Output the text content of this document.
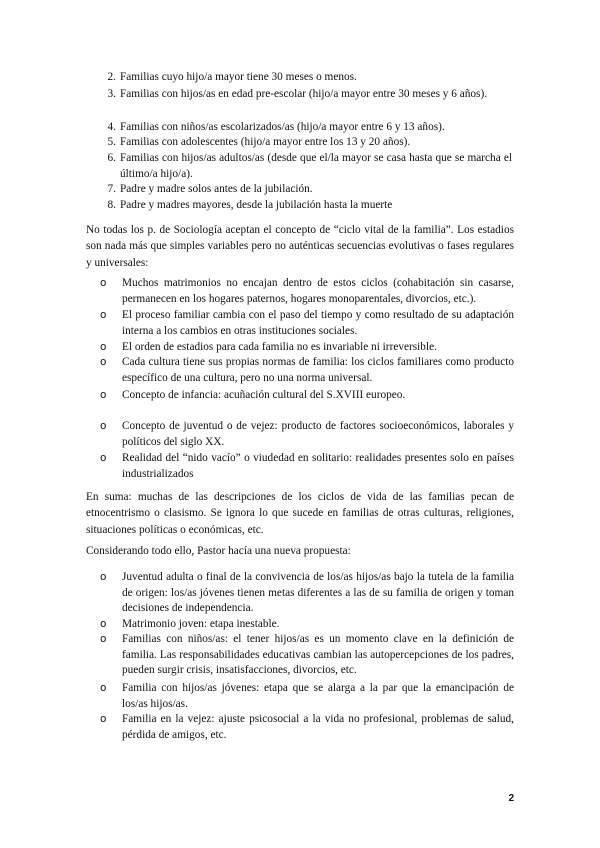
2. Familias cuyo hijo/a mayor tiene 30 meses o menos.
3. Familias con hijos/as en edad pre-escolar (hijo/a mayor entre 30 meses y 6 años).
4. Familias con niños/as escolarizados/as (hijo/a mayor entre 6 y 13 años).
5. Familias con adolescentes (hijo/a mayor entre los 13 y 20 años).
6. Familias con hijos/as adultos/as (desde que el/la mayor se casa hasta que se marcha el último/a hijo/a).
7. Padre y madre solos antes de la jubilación.
8. Padre y madres mayores, desde la jubilación hasta la muerte

No todas los p. de Sociología aceptan el concepto de “ciclo vital de la familia”. Los estadios son nada más que simples variables pero no auténticas secuencias evolutivas o fases regulares y universales:

o Muchos matrimonios no encajan dentro de estos ciclos (cohabitación sin casarse, permanecen en los hogares paternos, hogares monoparentales, divorcios, etc.).
o El proceso familiar cambia con el paso del tiempo y como resultado de su adaptación interna a los cambios en otras instituciones sociales.
o El orden de estadios para cada familia no es invariable ni irreversible.
o Cada cultura tiene sus propias normas de familia: los ciclos familiares como producto específico de una cultura, pero no una norma universal.
o Concepto de infancia: acuñación cultural del S.XVIII europeo.
o Concepto de juventud o de vejez: producto de factores socioeconómicos, laborales y políticos del siglo XX.
o Realidad del “nido vacío” o viudedad en solitario: realidades presentes solo en países industrializados

En suma: muchas de las descripciones de los ciclos de vida de las familias pecan de etnocentrismo o clasismo. Se ignora lo que sucede en familias de otras culturas, religiones, situaciones políticas o económicas, etc.

Considerando todo ello, Pastor hacía una nueva propuesta:

o Juventud adulta o final de la convivencia de los/as hijos/as bajo la tutela de la familia de origen: los/as jóvenes tienen metas diferentes a las de su familia de origen y toman decisiones de independencia.
o Matrimonio joven: etapa inestable.
o Familias con niños/as: el tener hijos/as es un momento clave en la definición de familia. Las responsabilidades educativas cambian las autopercepciones de los padres, pueden surgir crisis, insatisfacciones, divorcios, etc.
o Familia con hijos/as jóvenes: etapa que se alarga a la par que la emancipación de los/as hijos/as.
o Familia en la vejez: ajuste psicosocial a la vida no profesional, problemas de salud, pérdida de amigos, etc.
2
